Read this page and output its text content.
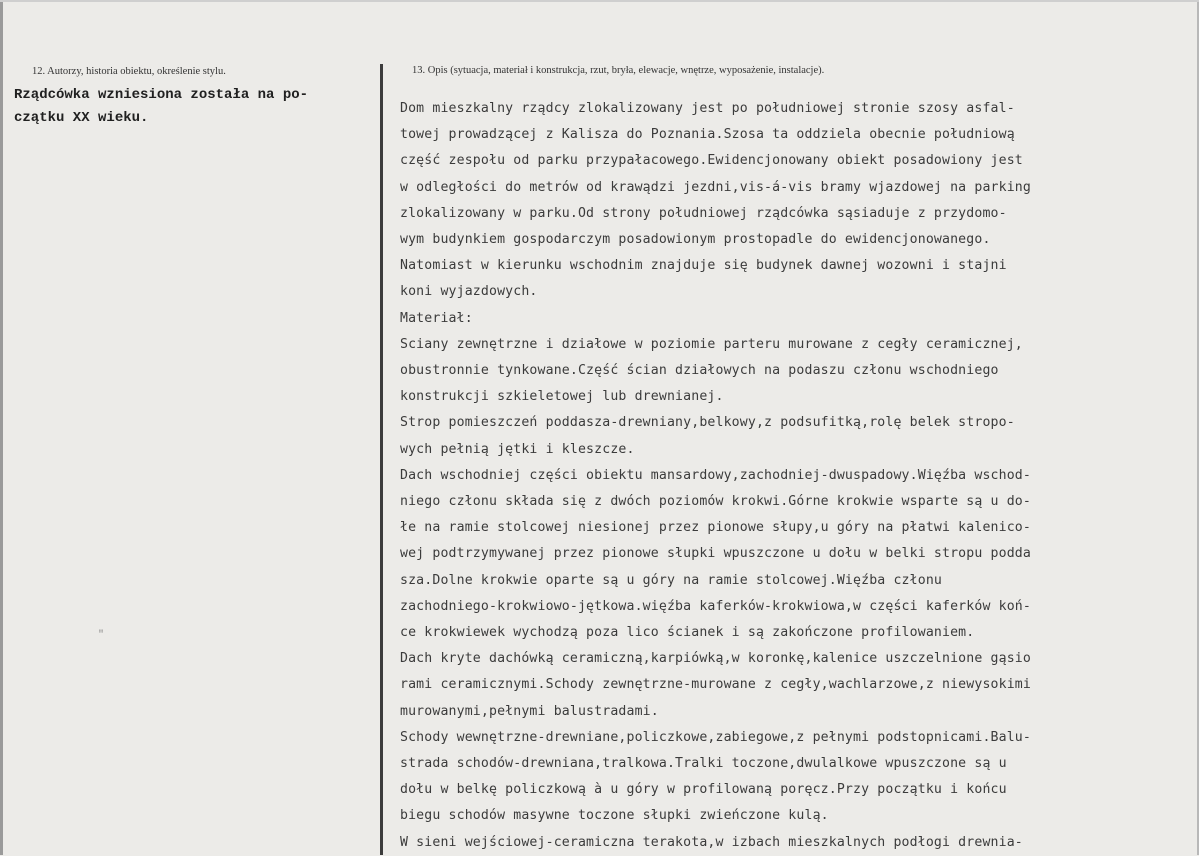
12. Autorzy, historia obiektu, określenie stylu.	13. Opis (sytuacja, materiał i konstrukcja, rzut, bryła, elewacje, wnętrze, wyposażenie, instalacje).
Rządcówka wzniesiona została na po-
czątku XX wieku.
"
Dom mieszkalny rządcy zlokalizowany jest po południowej stronie szosy asfal-
towej prowadzącej z Kalisza do Poznania.Szosa ta oddziela obecnie południową
część zespołu od parku przypałacowego.Ewidencjonowany obiekt posadowiony jest
w odległości do metrów od krawądzi jezdni,vis-á-vis bramy wjazdowej na parking
zlokalizowany w parku.Od strony południowej rządcówka sąsiaduje z przydomo-
wym budynkiem gospodarczym posadowionym prostopadle do ewidencjonowanego.
Natomiast w kierunku wschodnim znajduje się budynek dawnej wozowni i stajni
koni wyjazdowych.
Materiał:
Sciany zewnętrzne i działowe w poziomie parteru murowane z cegły ceramicznej,
obustronnie tynkowane.Część ścian działowych na podaszu członu wschodniego
konstrukcji szkieletowej lub drewnianej.
Strop pomieszczeń poddasza-drewniany,belkowy,z podsufitką,rolę belek stropo-
wych pełnią jętki i kleszcze.
Dach wschodniej części obiektu mansardowy,zachodniej-dwuspadowy.Więźba wschod-
niego członu składa się z dwóch poziomów krokwi.Górne krokwie wsparte są u do-
łe na ramie stolcowej niesionej przez pionowe słupy,u góry na płatwi kalenico-
wej podtrzymywanej przez pionowe słupki wpuszczone u dołu w belki stropu podda
sza.Dolne krokwie oparte są u góry na ramie stolcowej.Więźba członu
zachodniego-krokwiowo-jętkowa.więźba kaferków-krokwiowa,w części kaferków koń-
ce krokwiewek wychodzą poza lico ścianek i są zakończone profilowaniem.
Dach kryte dachówką ceramiczną,karpiówką,w koronkę,kalenice uszczelnione gąsio
rami ceramicznymi.Schody zewnętrzne-murowane z cegły,wachlarzowe,z niewysokimi
murowanymi,pełnymi balustradami.
Schody wewnętrzne-drewniane,policzkowe,zabiegowe,z pełnymi podstopnicami.Balu-
strada schodów-drewniana,tralkowa.Tralki toczone,dwulalkowe wpuszczone są u
dołu w belkę policzkową à u góry w profilowaną poręcz.Przy początku i końcu
biegu schodów masywne toczone słupki zwieńczone kulą.
W sieni wejściowej-ceramiczna terakota,w izbach mieszkalnych podłogi drewnia-
